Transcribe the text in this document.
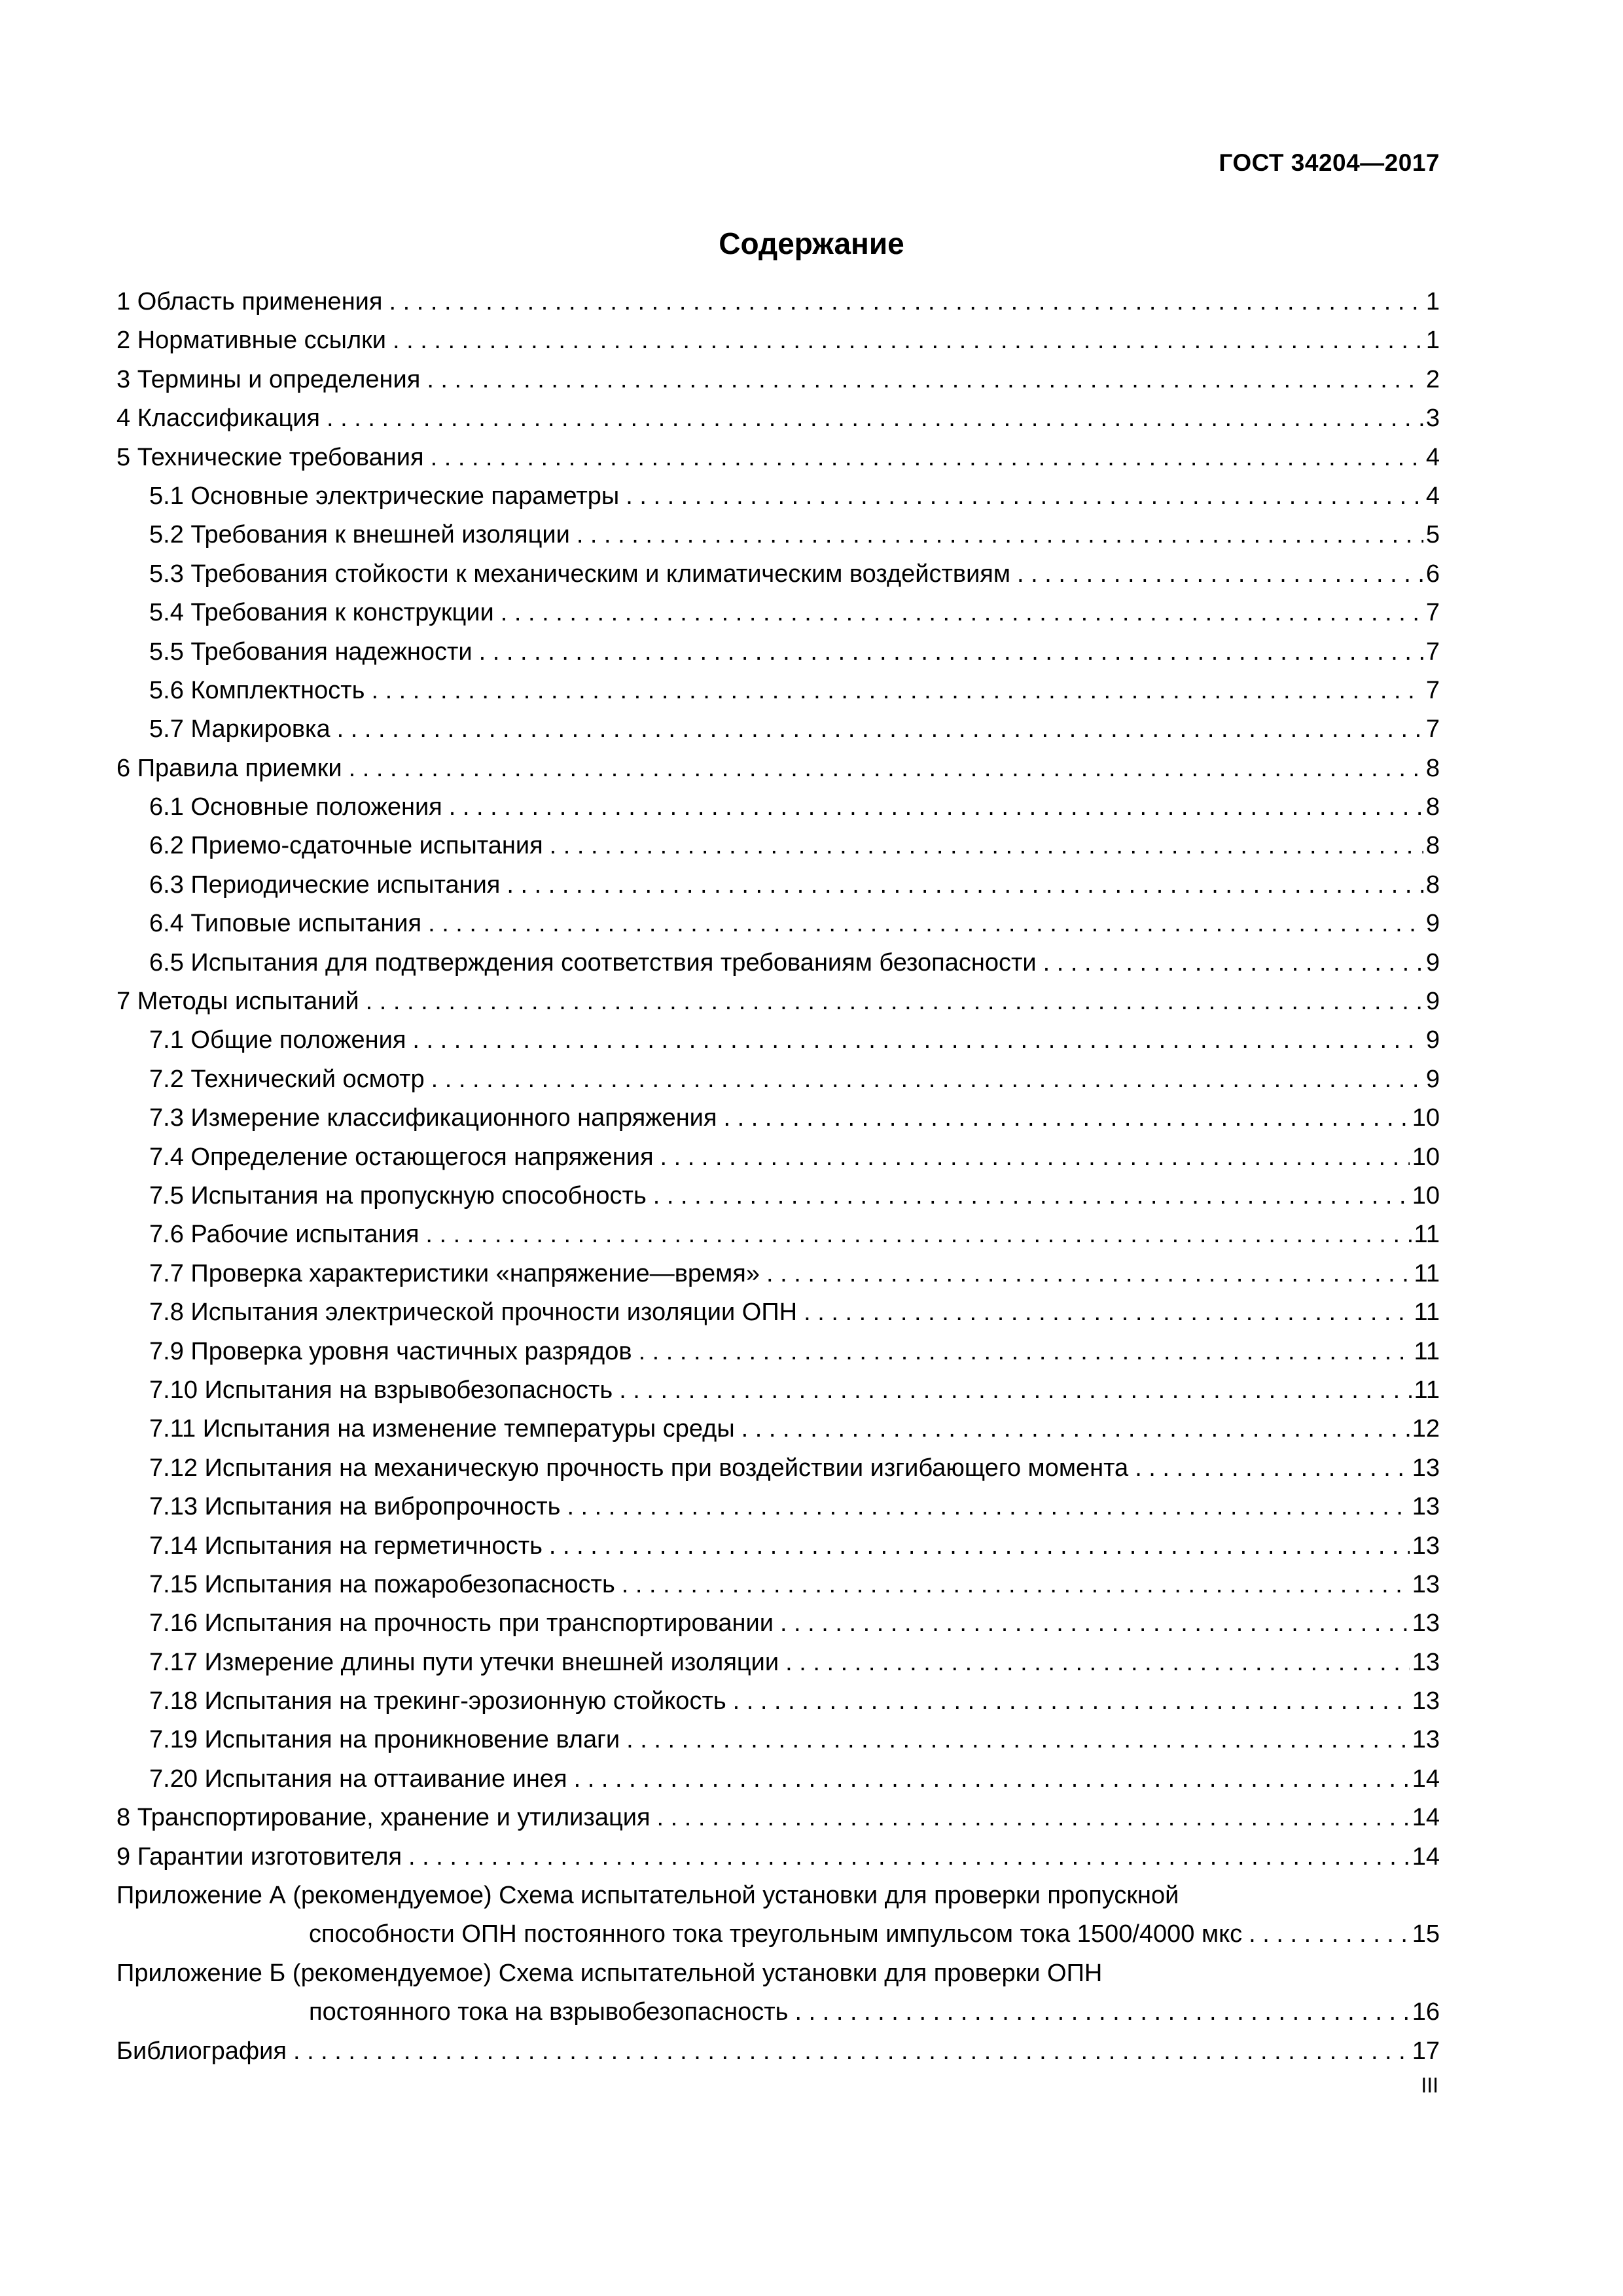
ГОСТ 34204—2017
Содержание
1 Область применения . . .	1
2 Нормативные ссылки . . .	1
3 Термины и определения . . .	2
4 Классификация . . .	3
5 Технические требования . . .	4
5.1 Основные электрические параметры . . .	4
5.2 Требования к внешней изоляции . . .	5
5.3 Требования стойкости к механическим и климатическим воздействиям . . .	6
5.4 Требования к конструкции . . .	7
5.5 Требования надежности . . .	7
5.6 Комплектность . . .	7
5.7 Маркировка . . .	7
6 Правила приемки . . .	8
6.1 Основные положения . . .	8
6.2 Приемо-сдаточные испытания . . .	8
6.3 Периодические испытания . . .	8
6.4 Типовые испытания . . .	9
6.5 Испытания для подтверждения соответствия требованиям безопасности . . .	9
7 Методы испытаний . . .	9
7.1 Общие положения . . .	9
7.2 Технический осмотр . . .	9
7.3 Измерение классификационного напряжения . . .	10
7.4 Определение остающегося напряжения . . .	10
7.5 Испытания на пропускную способность . . .	10
7.6 Рабочие испытания . . .	11
7.7 Проверка характеристики «напряжение—время» . . .	11
7.8 Испытания электрической прочности изоляции ОПН . . .	11
7.9 Проверка уровня частичных разрядов . . .	11
7.10 Испытания на взрывобезопасность . . .	11
7.11 Испытания на изменение температуры среды . . .	12
7.12 Испытания на механическую прочность при воздействии изгибающего момента . . .	13
7.13 Испытания на вибропрочность . . .	13
7.14 Испытания на герметичность . . .	13
7.15 Испытания на пожаробезопасность . . .	13
7.16 Испытания на прочность при транспортировании . . .	13
7.17 Измерение длины пути утечки внешней изоляции . . .	13
7.18 Испытания на трекинг-эрозионную стойкость . . .	13
7.19 Испытания на проникновение влаги . . .	13
7.20 Испытания на оттаивание инея . . .	14
8 Транспортирование, хранение и утилизация . . .	14
9 Гарантии изготовителя . . .	14
Приложение А (рекомендуемое) Схема испытательной установки для проверки пропускной
способности ОПН постоянного тока треугольным импульсом тока 1500/4000 мкс . . .	15
Приложение Б (рекомендуемое) Схема испытательной установки для проверки ОПН
постоянного тока на взрывобезопасность . . .	16
Библиография . . .	17
III
